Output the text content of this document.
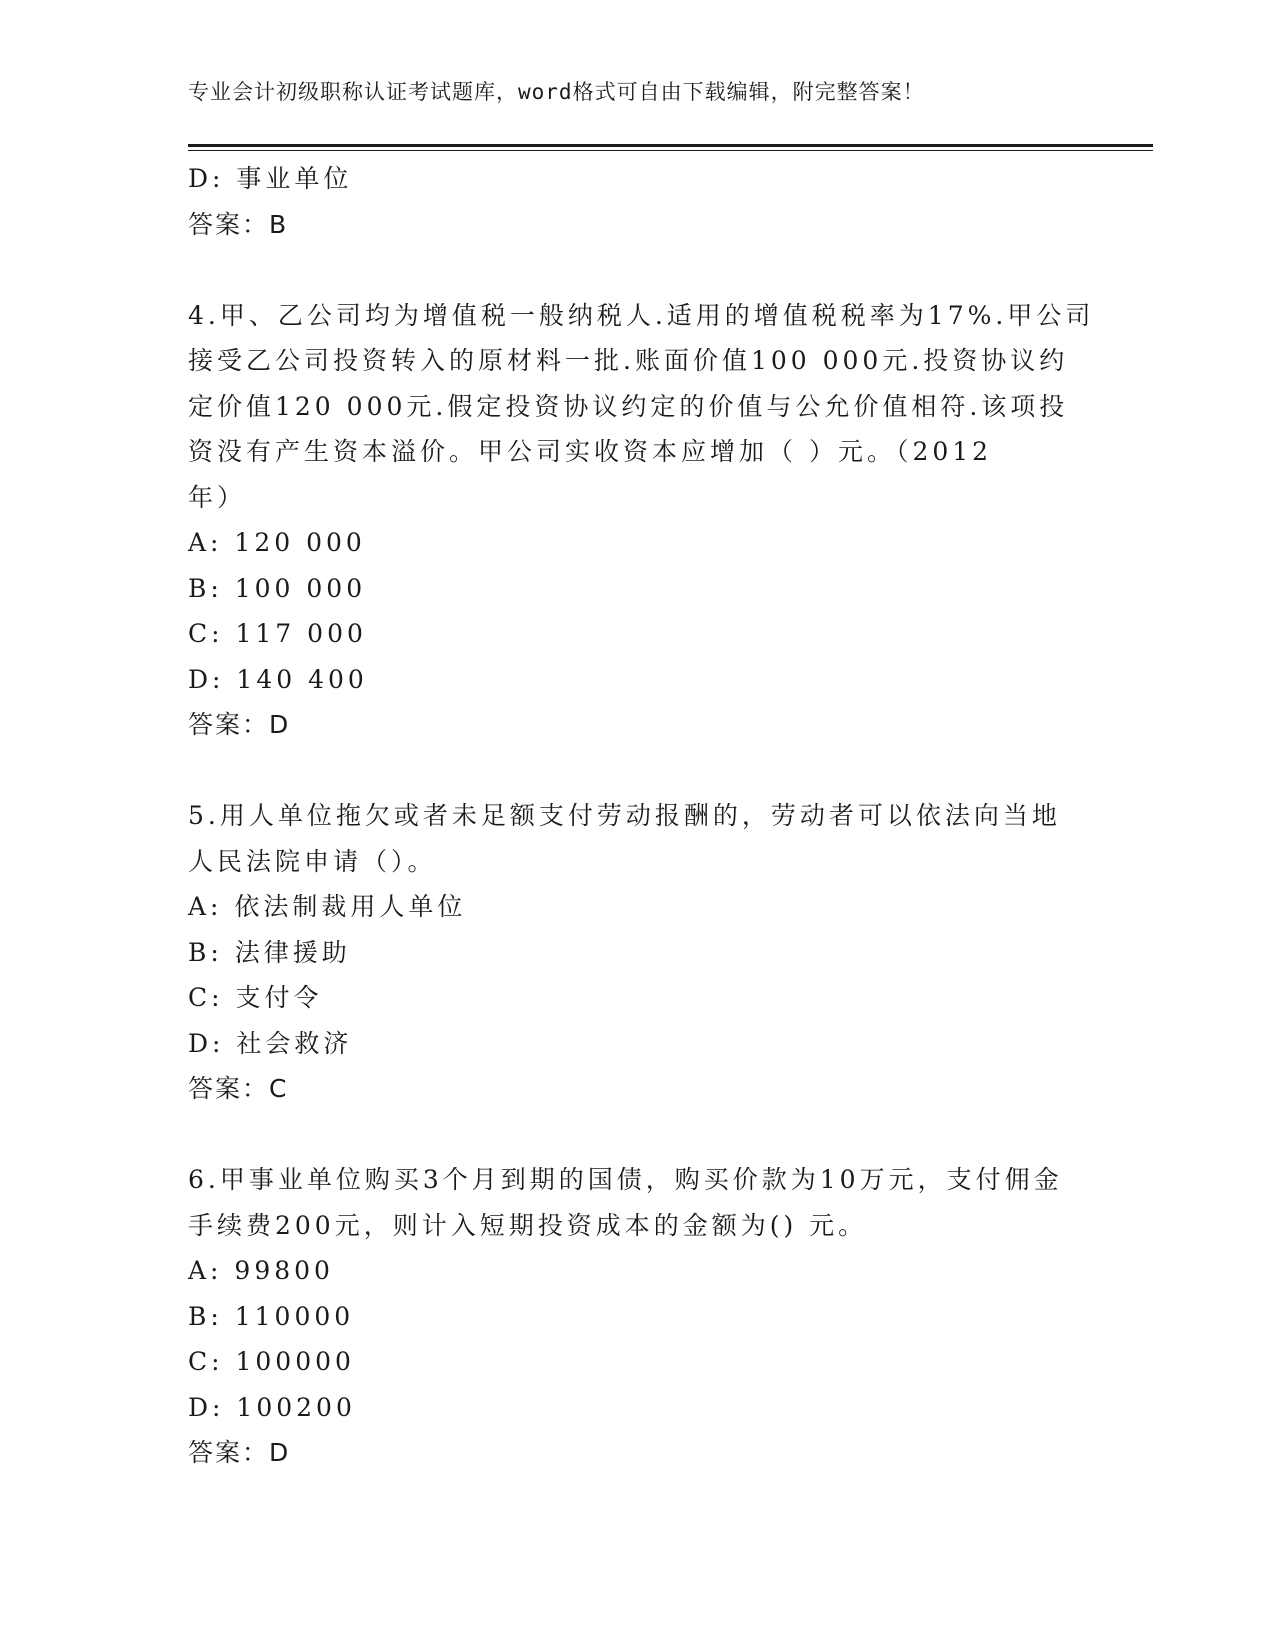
专业会计初级职称认证考试题库，word格式可自由下载编辑，附完整答案！
D: 事业单位
答案：B
4.甲、乙公司均为增值税一般纳税人.适用的增值税税率为17%.甲公司
接受乙公司投资转入的原材料一批.账面价值100 000元.投资协议约
定价值120 000元.假定投资协议约定的价值与公允价值相符.该项投
资没有产生资本溢价。甲公司实收资本应增加（ ）元。（2012
年）
A: 120 000
B: 100 000
C: 117 000
D: 140 400
答案：D
5.用人单位拖欠或者未足额支付劳动报酬的，劳动者可以依法向当地
人民法院申请（）。
A: 依法制裁用人单位
B: 法律援助
C: 支付令
D: 社会救济
答案：C
6.甲事业单位购买3个月到期的国债，购买价款为10万元，支付佣金
手续费200元，则计入短期投资成本的金额为() 元。
A: 99800
B: 110000
C: 100000
D: 100200
答案：D
